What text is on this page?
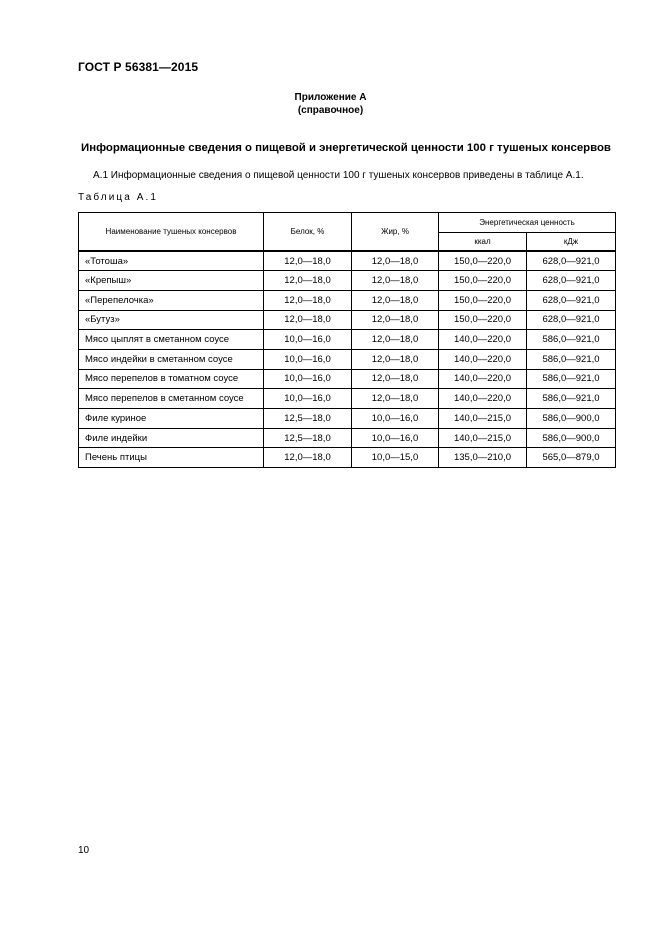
ГОСТ Р 56381—2015
Приложение А
(справочное)
Информационные сведения о пищевой и энергетической ценности 100 г тушеных консервов
А.1 Информационные сведения о пищевой ценности 100 г тушеных консервов приведены в таблице А.1.
Таблица А.1
Наименование тушеных консервов	Белок, %	Жир, %	Энергетическая ценность	
			ккал	кДж
«Тотоша»	12,0—18,0	12,0—18,0	150,0—220,0	628,0—921,0
«Крепыш»	12,0—18,0	12,0—18,0	150,0—220,0	628,0—921,0
«Перепелочка»	12,0—18,0	12,0—18,0	150,0—220,0	628,0—921,0
«Бутуз»	12,0—18,0	12,0—18,0	150,0—220,0	628,0—921,0
Мясо цыплят в сметанном соусе	10,0—16,0	12,0—18,0	140,0—220,0	586,0—921,0
Мясо индейки в сметанном соусе	10,0—16,0	12,0—18,0	140,0—220,0	586,0—921,0
Мясо перепелов в томатном соусе	10,0—16,0	12,0—18,0	140,0—220,0	586,0—921,0
Мясо перепелов в сметанном соусе	10,0—16,0	12,0—18,0	140,0—220,0	586,0—921,0
Филе куриное	12,5—18,0	10,0—16,0	140,0—215,0	586,0—900,0
Филе индейки	12,5—18,0	10,0—16,0	140,0—215,0	586,0—900,0
Печень птицы	12,0—18,0	10,0—15,0	135,0—210,0	565,0—879,0
10
